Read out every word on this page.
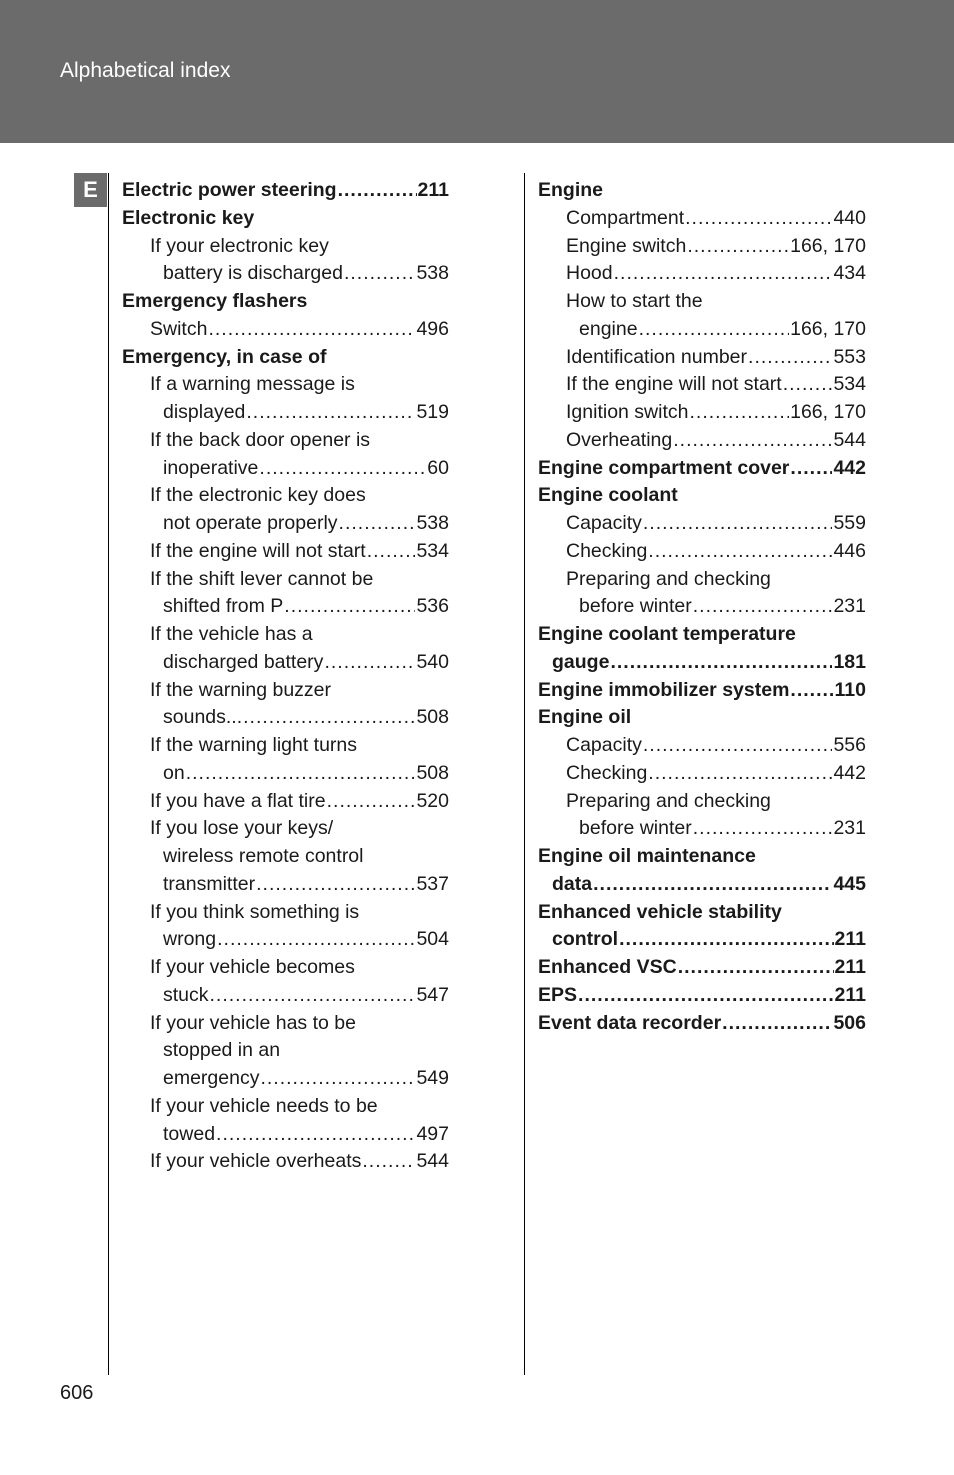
Alphabetical index
E	Electric power steering .....	211
Electronic key
If your electronic key
battery is discharged .....	538
Emergency flashers
Switch .....	496
Emergency, in case of
If a warning message is
displayed .....	519
If the back door opener is
inoperative .....	60
If the electronic key does
not operate properly .....	538
If the engine will not start .....	534
If the shift lever cannot be
shifted from P .....	536
If the vehicle has a
discharged battery .....	540
If the warning buzzer
sounds... .....	508
If the warning light turns
on .....	508
If you have a flat tire .....	520
If you lose your keys/
wireless remote control
transmitter .....	537
If you think something is
wrong .....	504
If your vehicle becomes
stuck .....	547
If your vehicle has to be
stopped in an
emergency .....	549
If your vehicle needs to be
towed .....	497
If your vehicle overheats .....	544
Engine
Compartment .....	440
Engine switch .....	166, 170
Hood .....	434
How to start the
engine .....	166, 170
Identification number .....	553
If the engine will not start .....	534
Ignition switch .....	166, 170
Overheating .....	544
Engine compartment cover ..... 442
Engine coolant
Capacity .....	559
Checking .....	446
Preparing and checking
before winter .....	231
Engine coolant temperature
gauge .....	181
Engine immobilizer system ..... 110
Engine oil
Capacity .....	556
Checking .....	442
Preparing and checking
before winter .....	231
Engine oil maintenance
data .....	445
Enhanced vehicle stability
control .....	211
Enhanced VSC .....	211
EPS .....	211
Event data recorder .....	506
606
